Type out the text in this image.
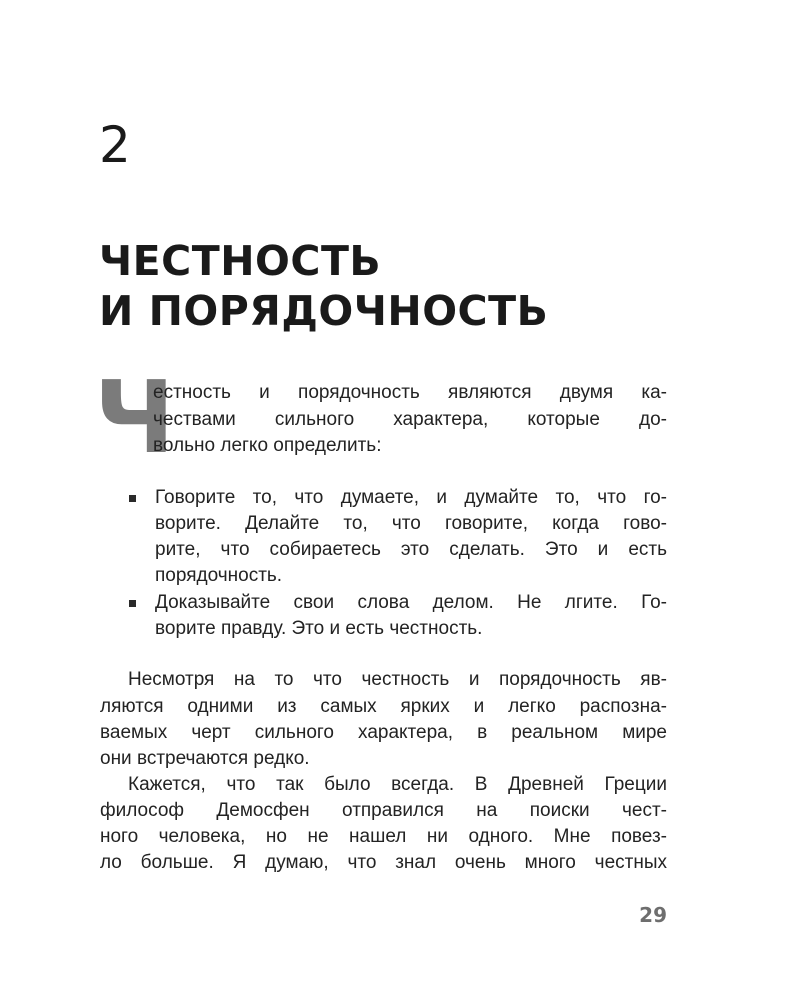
2
ЧЕСТНОСТЬ
И ПОРЯДОЧНОСТЬ
Ч
естность и порядочность являются двумя ка-
чествами сильного характера, которые до-
вольно легко определить:
Говорите то, что думаете, и думайте то, что го-
ворите. Делайте то, что говорите, когда гово-
рите, что собираетесь это сделать. Это и есть
порядочность.
Доказывайте свои слова делом. Не лгите. Го-
ворите правду. Это и есть честность.
Несмотря на то что честность и порядочность яв-
ляются одними из самых ярких и легко распозна-
ваемых черт сильного характера, в реальном мире
они встречаются редко.
Кажется, что так было всегда. В Древней Греции
философ Демосфен отправился на поиски чест-
ного человека, но не нашел ни одного. Мне повез-
ло больше. Я думаю, что знал очень много честных
29
